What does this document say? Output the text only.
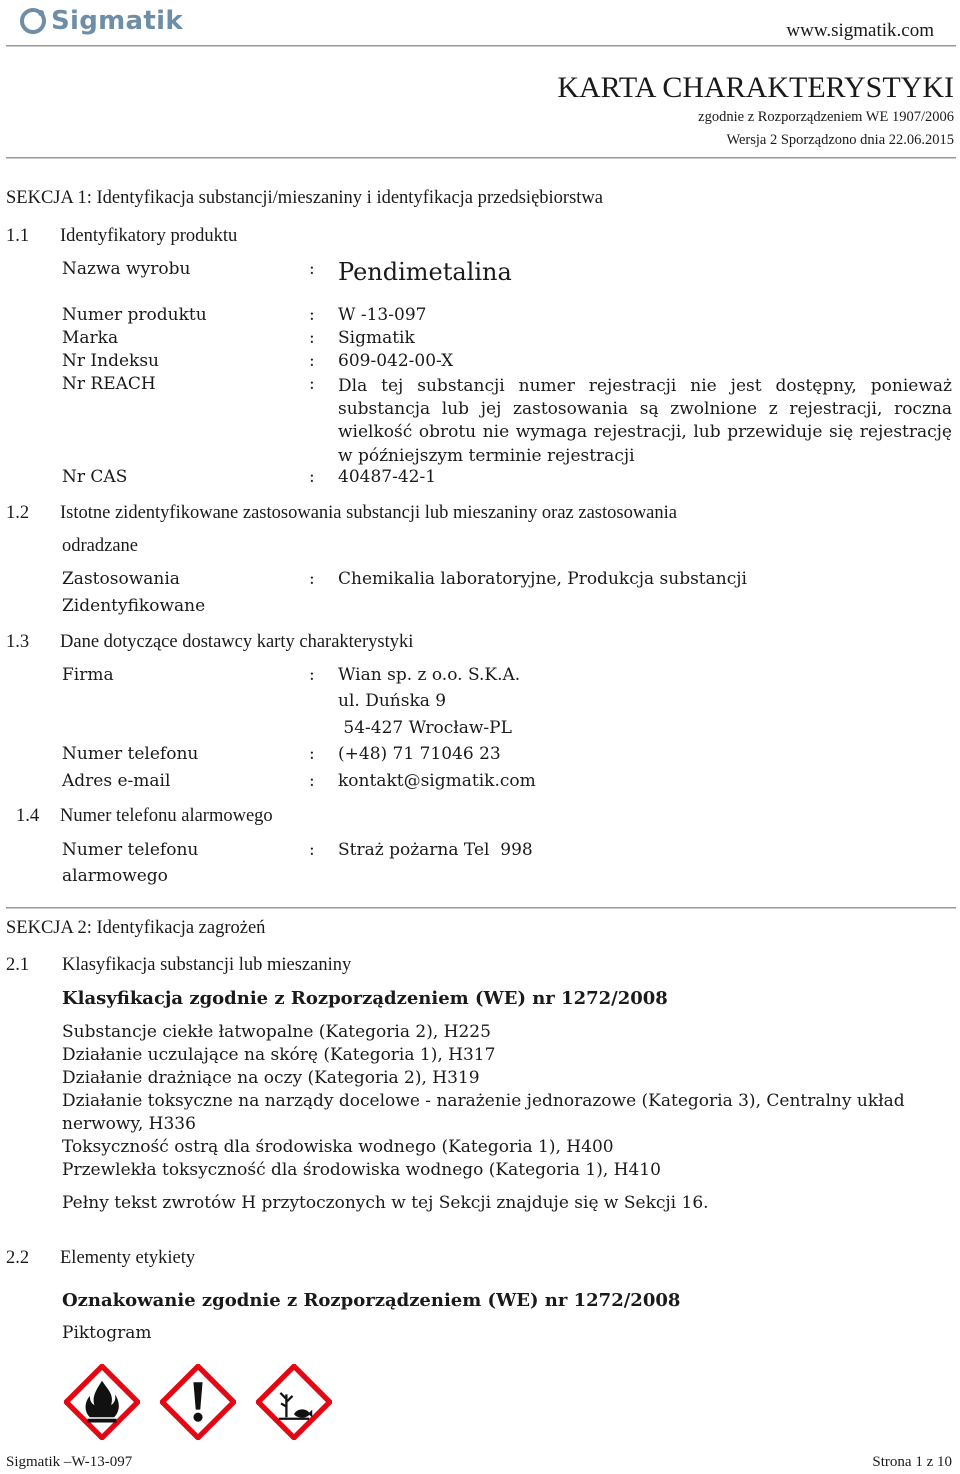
Sigmatik	www.sigmatik.com
KARTA CHARAKTERYSTYKI
zgodnie z Rozporządzeniem WE 1907/2006
Wersja 2 Sporządzono dnia 22.06.2015
SEKCJA 1: Identyfikacja substancji/mieszaniny i identyfikacja przedsiębiorstwa
1.1 Identyfikatory produktu
Nazwa wyrobu	: Pendimetalina
Numer produktu	: W -13-097
Marka	: Sigmatik
Nr Indeksu	: 609-042-00-X
Nr REACH	: Dla tej substancji numer rejestracji nie jest dostępny, ponieważ substancja lub jej zastosowania są zwolnione z rejestracji, roczna wielkość obrotu nie wymaga rejestracji, lub przewiduje się rejestrację w późniejszym terminie rejestracji
Nr CAS	: 40487-42-1
1.2 Istotne zidentyfikowane zastosowania substancji lub mieszaniny oraz zastosowania
odradzane
Zastosowania
Zidentyfikowane
: Chemikalia laboratoryjne, Produkcja substancji
1.3 Dane dotyczące dostawcy karty charakterystyki
Firma	: Wian sp. z o.o. S.K.A.
ul. Duńska 9
54-427 Wrocław-PL
Numer telefonu	: (+48) 71 71046 23
Adres e-mail	: kontakt@sigmatik.com
1.4 Numer telefonu alarmowego
Numer telefonu
alarmowego
: Straż pożarna Tel  998
SEKCJA 2: Identyfikacja zagrożeń
2.1 Klasyfikacja substancji lub mieszaniny
Klasyfikacja zgodnie z Rozporządzeniem (WE) nr 1272/2008
Substancje ciekłe łatwopalne (Kategoria 2), H225
Działanie uczulające na skórę (Kategoria 1), H317
Działanie drażniące na oczy (Kategoria 2), H319
Działanie toksyczne na narządy docelowe - narażenie jednorazowe (Kategoria 3), Centralny układ
nerwowy, H336
Toksyczność ostrą dla środowiska wodnego (Kategoria 1), H400
Przewlekła toksyczność dla środowiska wodnego (Kategoria 1), H410
Pełny tekst zwrotów H przytoczonych w tej Sekcji znajduje się w Sekcji 16.
2.2 Elementy etykiety
Oznakowanie zgodnie z Rozporządzeniem (WE) nr 1272/2008
Piktogram
Sigmatik –W-13-097	Strona 1 z 10
